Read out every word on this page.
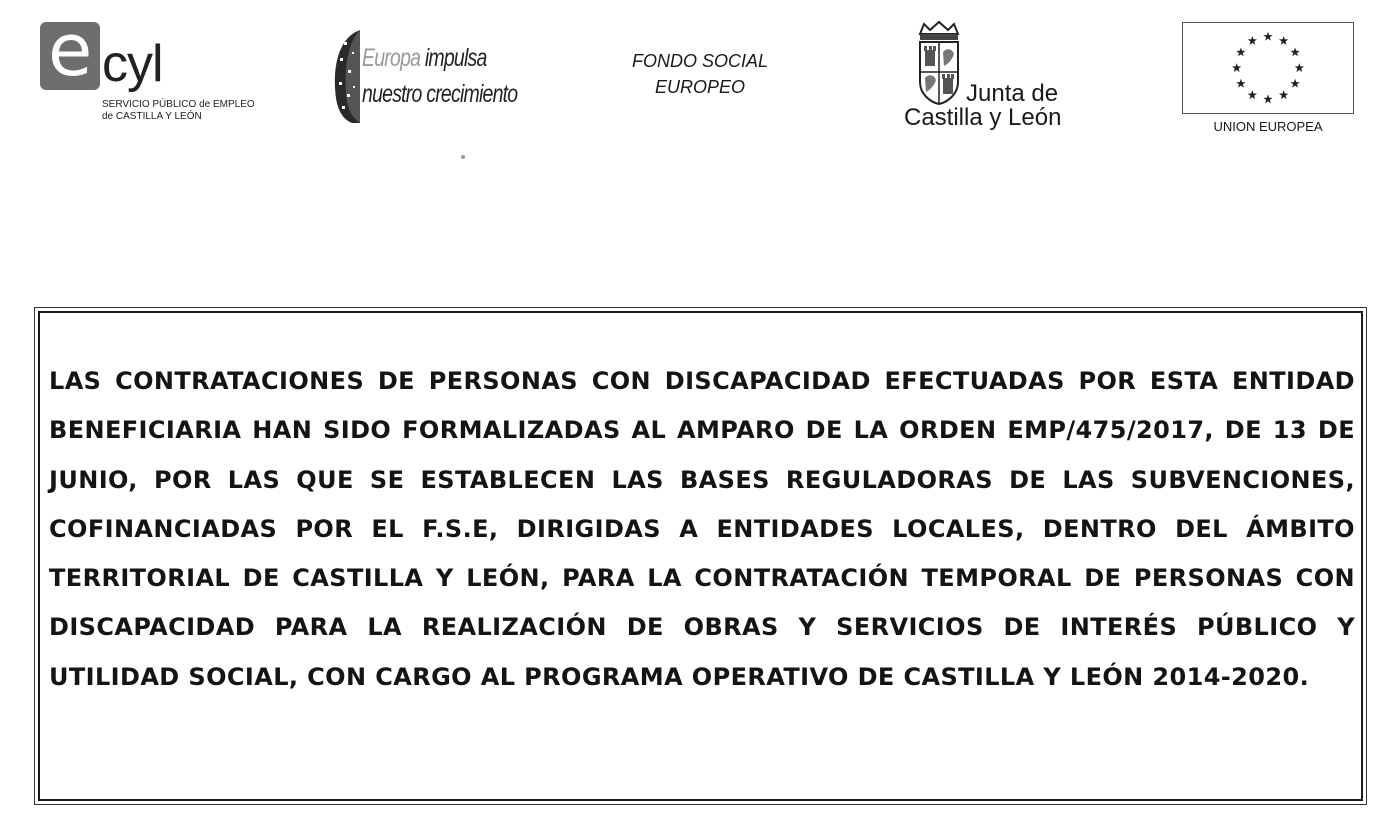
e cyl
SERVICIO PÚBLICO de EMPLEO
de CASTILLA Y LEÓN
Europa impulsa
nuestro crecimiento
FONDO SOCIAL
EUROPEO	Junta de
Castilla y León	UNION EUROPEA

LAS CONTRATACIONES DE PERSONAS CON DISCAPACIDAD EFECTUADAS POR ESTA ENTIDAD BENEFICIARIA HAN SIDO FORMALIZADAS AL AMPARO DE LA ORDEN EMP/475/2017, DE 13 DE JUNIO, POR LAS QUE SE ESTABLECEN LAS BASES REGULADORAS DE LAS SUBVENCIONES, COFINANCIADAS POR EL F.S.E, DIRIGIDAS A ENTIDADES LOCALES, DENTRO DEL ÁMBITO TERRITORIAL DE CASTILLA Y LEÓN, PARA LA CONTRATACIÓN TEMPORAL DE PERSONAS CON DISCAPACIDAD PARA LA REALIZACIÓN DE OBRAS Y SERVICIOS DE INTERÉS PÚBLICO Y UTILIDAD SOCIAL, CON CARGO AL PROGRAMA OPERATIVO DE CASTILLA Y LEÓN 2014-2020.
